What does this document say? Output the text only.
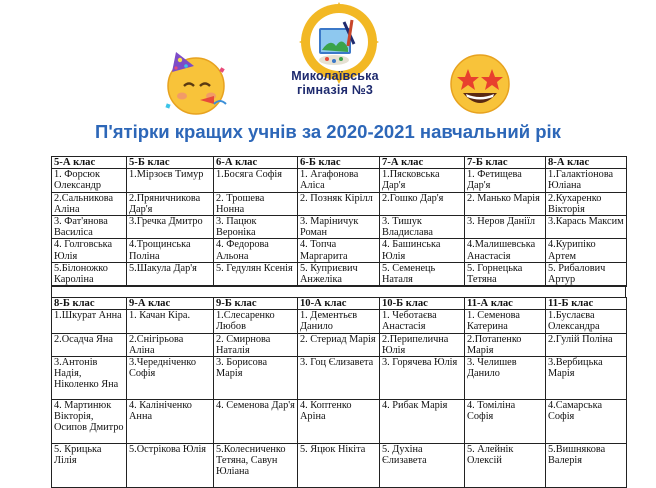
Миколаївська
гімназія №3
П'ятірки кращих учнів за 2020-2021 навчальний рік
5-А клас	5-Б клас	6-А клас	6-Б клас	7-А клас	7-Б клас	8-А клас
1. Форсюк Олександр	1.Мірзоєв Тимур	1.Босяга Софія	1. Агафонова Аліса	1.Пясковська Дар'я	1. Фетищева Дар'я	1.Галактіонова Юліана
2.Сальникова Аліна	2.Пряничникова Дар'я	2. Трошева Нонна	2. Позняк Кірілл	2.Гошко Дар'я	2. Манько Марія	2.Кухаренко Вікторія
3. Фат'янова Василіса	3.Гречка Дмитро	3. Пацюк Вероніка	3. Маріничук Роман	3. Тишук Владислава	3. Неров Даніїл	3.Карась Максим
4. Голговська Юлія	4.Трощинська Поліна	4. Федорова Альона	4. Топча Маргарита	4. Башинська Юлія	4.Малишевська Анастасія	4.Курипіко Артем
5.Білоножко Кароліна	5.Шакула Дар'я	5. Гедулян Ксенія	5. Куприєвич Анжеліка	5. Семенець Наталя	5. Горнецька Тетяна	5. Рибалович Артур

8-Б клас	9-А клас	9-Б клас	10-А клас	10-Б клас	11-А клас	11-Б клас
1.Шкурат Анна	1. Качан Кіра.	1.Слесаренко Любов	1. Дементьєв Данило	1. Чеботаєва Анастасія	1. Семенова Катерина	1.Буслаєва Олександра
2.Осадча Яна	2.Снігірьова Аліна	2. Смирнова Наталія	2. Стериад Марія	2.Перипелична Юлія	2.Потапенко Марія	2.Гулій Поліна
3.Антонів Надія, Ніколенко Яна	3.Чередніченко Софія	3. Борисова Марія	3. Гоц Єлизавета	3. Горячева Юлія	3. Челишев Данило	3.Вербицька Марія
4. Мартинюк Вікторія, Осипов Дмитро	4. Калініченко Анна	4. Семенова Дар'я	4. Коптенко Аріна	4. Рибак Марія	4. Томіліна Софія	4.Самарська Софія
5. Крицька Лілія	5.Острікова Юлія	5.Колесниченко Тетяна, Савун Юліана	5. Яцюк Нікіта	5. Духіна Єлизавета	5. Алейнік Олексій	5.Вишнякова Валерія
